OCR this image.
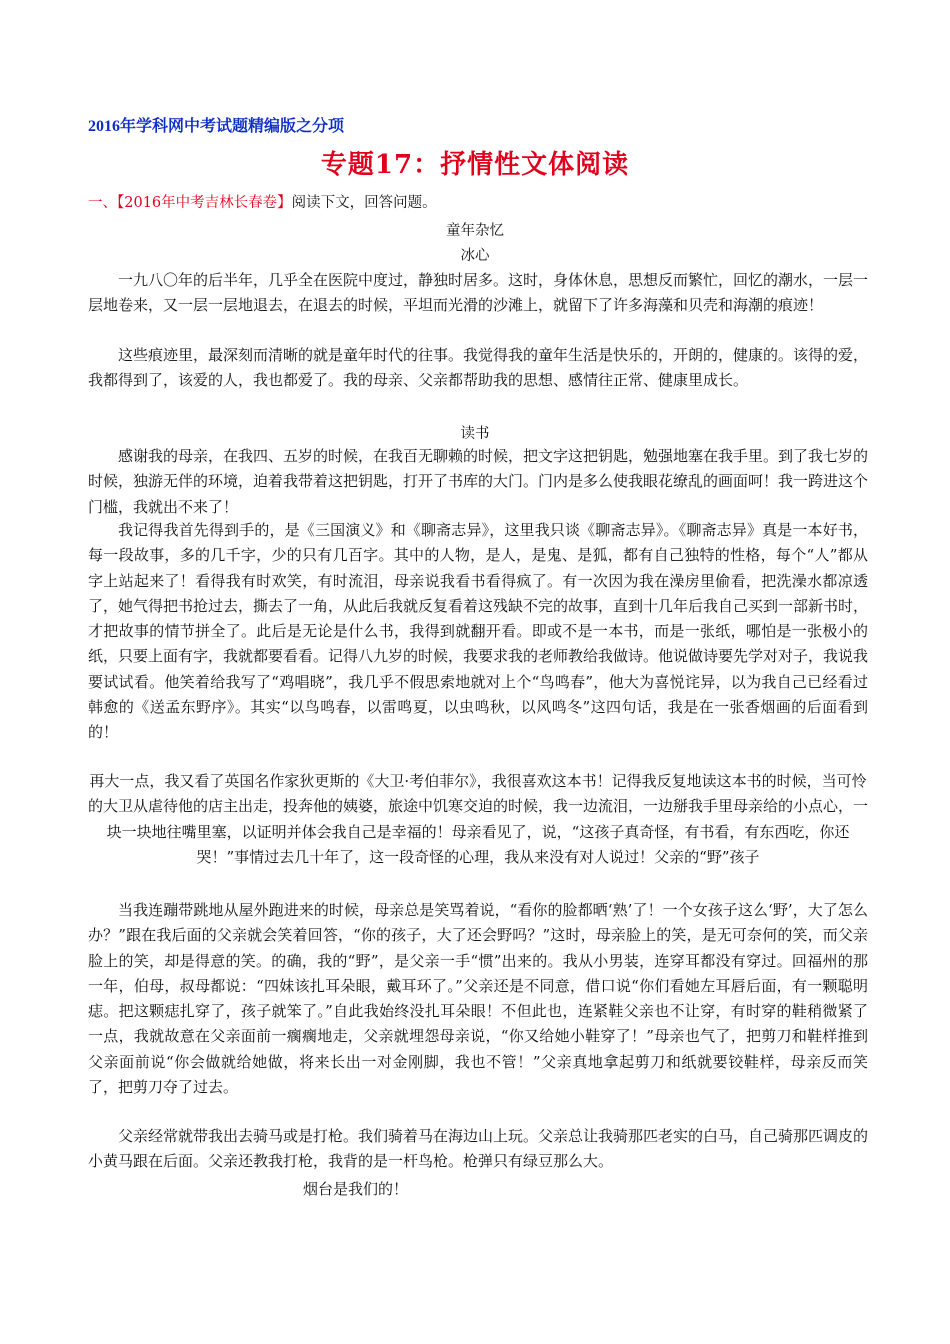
2016年学科网中考试题精编版之分项
专题17：抒情性文体阅读
一、【2016年中考吉林长春卷】阅读下文，回答问题。
童年杂忆
冰心

一九八〇年的后半年，几乎全在医院中度过，静独时居多。这时，身体休息，思想反而繁忙，回忆的潮水，一层一层地卷来，又一层一层地退去，在退去的时候，平坦而光滑的沙滩上，就留下了许多海藻和贝壳和海潮的痕迹！

这些痕迹里，最深刻而清晰的就是童年时代的往事。我觉得我的童年生活是快乐的，开朗的，健康的。该得的爱，我都得到了，该爱的人，我也都爱了。我的母亲、父亲都帮助我的思想、感情往正常、健康里成长。

读书

感谢我的母亲，在我四、五岁的时候，在我百无聊赖的时候，把文字这把钥匙，勉强地塞在我手里。到了我七岁的时候，独游无伴的环境，迫着我带着这把钥匙，打开了书库的大门。门内是多么使我眼花缭乱的画面呵！我一跨进这个门槛，我就出不来了！

我记得我首先得到手的，是《三国演义》和《聊斋志异》，这里我只谈《聊斋志异》。《聊斋志异》真是一本好书，每一段故事，多的几千字，少的只有几百字。其中的人物，是人，是鬼、是狐，都有自己独特的性格，每个“人”都从字上站起来了！看得我有时欢笑，有时流泪，母亲说我看书看得疯了。有一次因为我在澡房里偷看，把洗澡水都凉透了，她气得把书抢过去，撕去了一角，从此后我就反复看着这残缺不完的故事，直到十几年后我自己买到一部新书时，才把故事的情节拼全了。此后是无论是什么书，我得到就翻开看。即或不是一本书，而是一张纸，哪怕是一张极小的纸，只要上面有字，我就都要看看。记得八九岁的时候，我要求我的老师教给我做诗。他说做诗要先学对对子，我说我要试试看。他笑着给我写了“鸡唱晓”，我几乎不假思索地就对上个“鸟鸣春”，他大为喜悦诧异，以为我自己已经看过韩愈的《送孟东野序》。其实“以鸟鸣春，以雷鸣夏，以虫鸣秋，以风鸣冬”这四句话，我是在一张香烟画的后面看到的！

再大一点，我又看了英国名作家狄更斯的《大卫·考伯菲尔》，我很喜欢这本书！记得我反复地读这本书的时候，当可怜的大卫从虐待他的店主出走，投奔他的姨婆，旅途中饥寒交迫的时候，我一边流泪，一边掰我手里母亲给的小点心，一块一块地往嘴里塞，以证明并体会我自己是幸福的！母亲看见了，说，“这孩子真奇怪，有书看，有东西吃，你还哭！”事情过去几十年了，这一段奇怪的心理，我从来没有对人说过！父亲的“野”孩子

当我连蹦带跳地从屋外跑进来的时候，母亲总是笑骂着说，“看你的脸都晒‘熟’了！一个女孩子这么‘野’，大了怎么办？”跟在我后面的父亲就会笑着回答，“你的孩子，大了还会野吗？”这时，母亲脸上的笑，是无可奈何的笑，而父亲脸上的笑，却是得意的笑。的确，我的“野”，是父亲一手“惯”出来的。我从小男装，连穿耳都没有穿过。回福州的那一年，伯母，叔母都说：“四妹该扎耳朵眼，戴耳环了。”父亲还是不同意，借口说“你们看她左耳唇后面，有一颗聪明痣。把这颗痣扎穿了，孩子就笨了。”自此我始终没扎耳朵眼！不但此也，连紧鞋父亲也不让穿，有时穿的鞋稍微紧了一点，我就故意在父亲面前一瘸瘸地走，父亲就埋怨母亲说，“你又给她小鞋穿了！”母亲也气了，把剪刀和鞋样推到父亲面前说“你会做就给她做，将来长出一对金刚脚，我也不管！”父亲真地拿起剪刀和纸就要铰鞋样，母亲反而笑了，把剪刀夺了过去。

父亲经常就带我出去骑马或是打枪。我们骑着马在海边山上玩。父亲总让我骑那匹老实的白马，自己骑那匹调皮的小黄马跟在后面。父亲还教我打枪，我背的是一杆鸟枪。枪弹只有绿豆那么大。

烟台是我们的！
